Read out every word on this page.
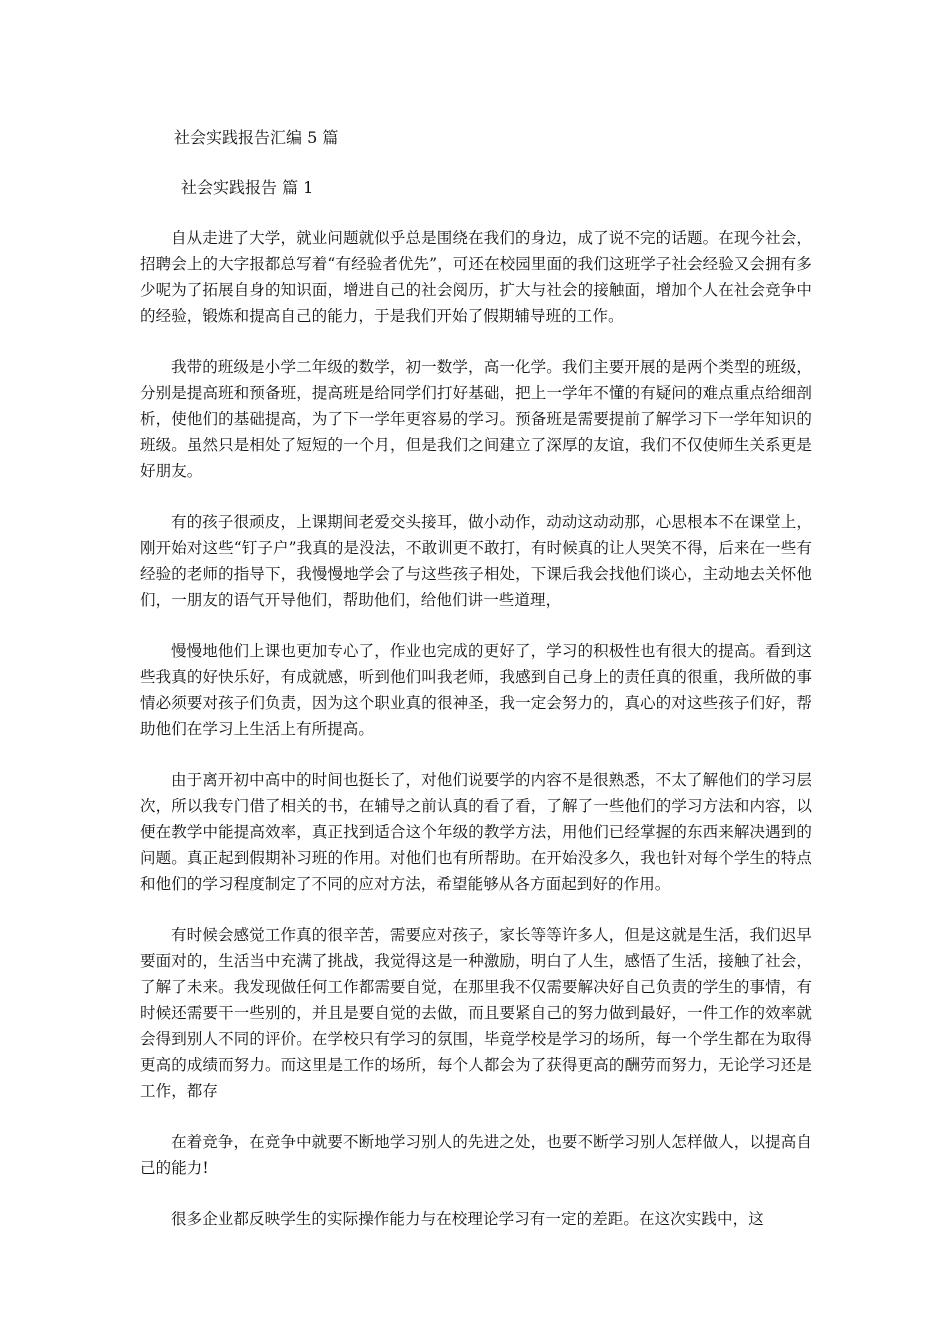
社会实践报告汇编 5 篇

社会实践报告 篇 1

自从走进了大学，就业问题就似乎总是围绕在我们的身边，成了说不完的话题。在现今社会，招聘会上的大字报都总写着“有经验者优先”，可还在校园里面的我们这班学子社会经验又会拥有多少呢为了拓展自身的知识面，增进自己的社会阅历，扩大与社会的接触面，增加个人在社会竞争中的经验，锻炼和提高自己的能力，于是我们开始了假期辅导班的工作。

我带的班级是小学二年级的数学，初一数学，高一化学。我们主要开展的是两个类型的班级，分别是提高班和预备班，提高班是给同学们打好基础，把上一学年不懂的有疑问的难点重点给细剖析，使他们的基础提高，为了下一学年更容易的学习。预备班是需要提前了解学习下一学年知识的班级。虽然只是相处了短短的一个月，但是我们之间建立了深厚的友谊，我们不仅使师生关系更是好朋友。

有的孩子很顽皮，上课期间老爱交头接耳，做小动作，动动这动动那，心思根本不在课堂上，刚开始对这些“钉子户”我真的是没法，不敢训更不敢打，有时候真的让人哭笑不得，后来在一些有经验的老师的指导下，我慢慢地学会了与这些孩子相处，下课后我会找他们谈心，主动地去关怀他们，一朋友的语气开导他们，帮助他们，给他们讲一些道理，

慢慢地他们上课也更加专心了，作业也完成的更好了，学习的积极性也有很大的提高。看到这些我真的好快乐好，有成就感，听到他们叫我老师，我感到自己身上的责任真的很重，我所做的事情必须要对孩子们负责，因为这个职业真的很神圣，我一定会努力的，真心的对这些孩子们好，帮助他们在学习上生活上有所提高。

由于离开初中高中的时间也挺长了，对他们说要学的内容不是很熟悉，不太了解他们的学习层次，所以我专门借了相关的书，在辅导之前认真的看了看，了解了一些他们的学习方法和内容，以便在教学中能提高效率，真正找到适合这个年级的教学方法，用他们已经掌握的东西来解决遇到的问题。真正起到假期补习班的作用。对他们也有所帮助。在开始没多久，我也针对每个学生的特点和他们的学习程度制定了不同的应对方法，希望能够从各方面起到好的作用。

有时候会感觉工作真的很辛苦，需要应对孩子，家长等等许多人，但是这就是生活，我们迟早要面对的，生活当中充满了挑战，我觉得这是一种激励，明白了人生，感悟了生活，接触了社会，了解了未来。我发现做任何工作都需要自觉，在那里我不仅需要解决好自己负责的学生的事情，有时候还需要干一些别的，并且是要自觉的去做，而且要紧自己的努力做到最好，一件工作的效率就会得到别人不同的评价。在学校只有学习的氛围，毕竟学校是学习的场所，每一个学生都在为取得更高的成绩而努力。而这里是工作的场所，每个人都会为了获得更高的酬劳而努力，无论学习还是工作，都存

在着竞争，在竞争中就要不断地学习别人的先进之处，也要不断学习别人怎样做人，以提高自己的能力!

很多企业都反映学生的实际操作能力与在校理论学习有一定的差距。在这次实践中，这
